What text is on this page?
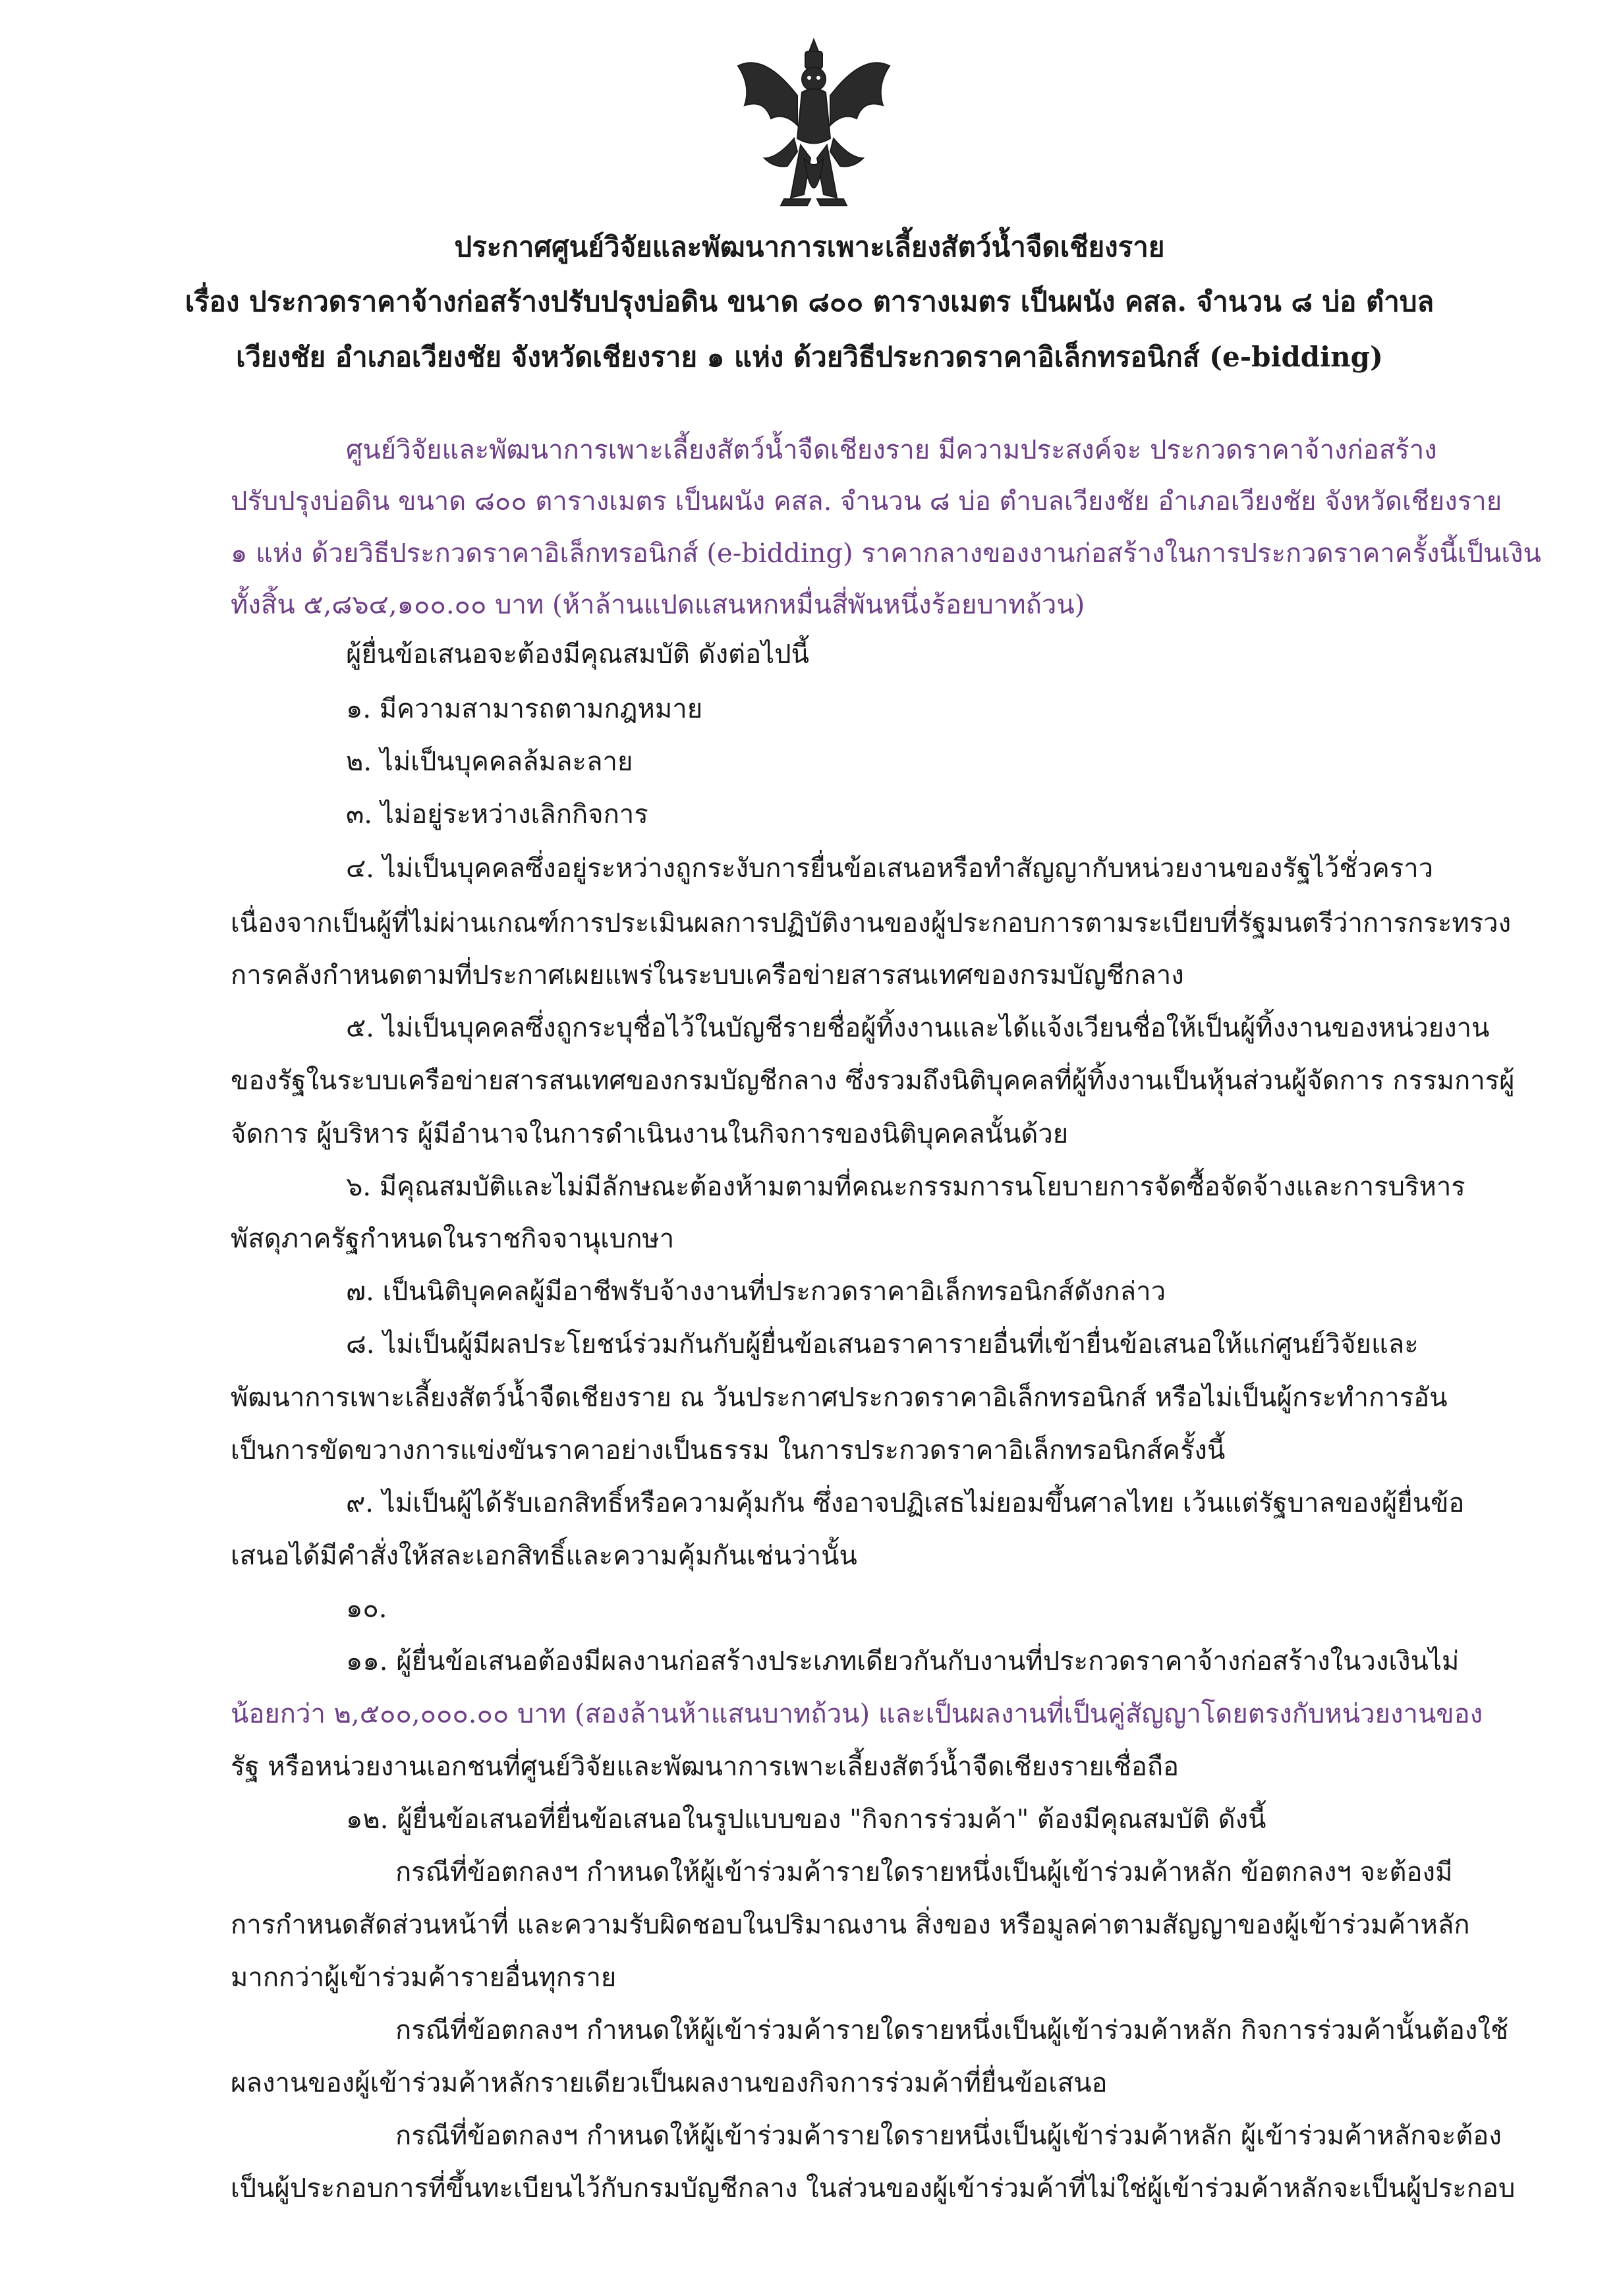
ประกาศศูนย์วิจัยและพัฒนาการเพาะเลี้ยงสัตว์น้ำจืดเชียงราย
เรื่อง ประกวดราคาจ้างก่อสร้างปรับปรุงบ่อดิน ขนาด ๘๐๐ ตารางเมตร เป็นผนัง คสล. จำนวน ๘ บ่อ ตำบล
เวียงชัย อำเภอเวียงชัย จังหวัดเชียงราย ๑ แห่ง ด้วยวิธีประกวดราคาอิเล็กทรอนิกส์ (e-bidding)
ศูนย์วิจัยและพัฒนาการเพาะเลี้ยงสัตว์น้ำจืดเชียงราย มีความประสงค์จะ ประกวดราคาจ้างก่อสร้าง
ปรับปรุงบ่อดิน ขนาด ๘๐๐ ตารางเมตร เป็นผนัง คสล. จำนวน ๘ บ่อ ตำบลเวียงชัย อำเภอเวียงชัย จังหวัดเชียงราย
๑ แห่ง ด้วยวิธีประกวดราคาอิเล็กทรอนิกส์ (e-bidding) ราคากลางของงานก่อสร้างในการประกวดราคาครั้งนี้เป็นเงิน
ทั้งสิ้น ๕,๘๖๔,๑๐๐.๐๐ บาท (ห้าล้านแปดแสนหกหมื่นสี่พันหนึ่งร้อยบาทถ้วน)
ผู้ยื่นข้อเสนอจะต้องมีคุณสมบัติ ดังต่อไปนี้
๑. มีความสามารถตามกฎหมาย
๒. ไม่เป็นบุคคลล้มละลาย
๓. ไม่อยู่ระหว่างเลิกกิจการ
๔. ไม่เป็นบุคคลซึ่งอยู่ระหว่างถูกระงับการยื่นข้อเสนอหรือทำสัญญากับหน่วยงานของรัฐไว้ชั่วคราว
เนื่องจากเป็นผู้ที่ไม่ผ่านเกณฑ์การประเมินผลการปฏิบัติงานของผู้ประกอบการตามระเบียบที่รัฐมนตรีว่าการกระทรวง
การคลังกำหนดตามที่ประกาศเผยแพร่ในระบบเครือข่ายสารสนเทศของกรมบัญชีกลาง
๕. ไม่เป็นบุคคลซึ่งถูกระบุชื่อไว้ในบัญชีรายชื่อผู้ทิ้งงานและได้แจ้งเวียนชื่อให้เป็นผู้ทิ้งงานของหน่วยงาน
ของรัฐในระบบเครือข่ายสารสนเทศของกรมบัญชีกลาง ซึ่งรวมถึงนิติบุคคลที่ผู้ทิ้งงานเป็นหุ้นส่วนผู้จัดการ กรรมการผู้
จัดการ ผู้บริหาร ผู้มีอำนาจในการดำเนินงานในกิจการของนิติบุคคลนั้นด้วย
๖. มีคุณสมบัติและไม่มีลักษณะต้องห้ามตามที่คณะกรรมการนโยบายการจัดซื้อจัดจ้างและการบริหาร
พัสดุภาครัฐกำหนดในราชกิจจานุเบกษา
๗. เป็นนิติบุคคลผู้มีอาชีพรับจ้างงานที่ประกวดราคาอิเล็กทรอนิกส์ดังกล่าว
๘. ไม่เป็นผู้มีผลประโยชน์ร่วมกันกับผู้ยื่นข้อเสนอราคารายอื่นที่เข้ายื่นข้อเสนอให้แก่ศูนย์วิจัยและ
พัฒนาการเพาะเลี้ยงสัตว์น้ำจืดเชียงราย ณ วันประกาศประกวดราคาอิเล็กทรอนิกส์ หรือไม่เป็นผู้กระทำการอัน
เป็นการขัดขวางการแข่งขันราคาอย่างเป็นธรรม ในการประกวดราคาอิเล็กทรอนิกส์ครั้งนี้
๙. ไม่เป็นผู้ได้รับเอกสิทธิ์หรือความคุ้มกัน ซึ่งอาจปฏิเสธไม่ยอมขึ้นศาลไทย เว้นแต่รัฐบาลของผู้ยื่นข้อ
เสนอได้มีคำสั่งให้สละเอกสิทธิ์และความคุ้มกันเช่นว่านั้น
๑๐.
๑๑. ผู้ยื่นข้อเสนอต้องมีผลงานก่อสร้างประเภทเดียวกันกับงานที่ประกวดราคาจ้างก่อสร้างในวงเงินไม่
น้อยกว่า ๒,๕๐๐,๐๐๐.๐๐ บาท (สองล้านห้าแสนบาทถ้วน) และเป็นผลงานที่เป็นคู่สัญญาโดยตรงกับหน่วยงานของ
รัฐ หรือหน่วยงานเอกชนที่ศูนย์วิจัยและพัฒนาการเพาะเลี้ยงสัตว์น้ำจืดเชียงรายเชื่อถือ
๑๒. ผู้ยื่นข้อเสนอที่ยื่นข้อเสนอในรูปแบบของ "กิจการร่วมค้า" ต้องมีคุณสมบัติ ดังนี้
กรณีที่ข้อตกลงฯ กำหนดให้ผู้เข้าร่วมค้ารายใดรายหนึ่งเป็นผู้เข้าร่วมค้าหลัก ข้อตกลงฯ จะต้องมี
การกำหนดสัดส่วนหน้าที่ และความรับผิดชอบในปริมาณงาน สิ่งของ หรือมูลค่าตามสัญญาของผู้เข้าร่วมค้าหลัก
มากกว่าผู้เข้าร่วมค้ารายอื่นทุกราย
กรณีที่ข้อตกลงฯ กำหนดให้ผู้เข้าร่วมค้ารายใดรายหนึ่งเป็นผู้เข้าร่วมค้าหลัก กิจการร่วมค้านั้นต้องใช้
ผลงานของผู้เข้าร่วมค้าหลักรายเดียวเป็นผลงานของกิจการร่วมค้าที่ยื่นข้อเสนอ
กรณีที่ข้อตกลงฯ กำหนดให้ผู้เข้าร่วมค้ารายใดรายหนึ่งเป็นผู้เข้าร่วมค้าหลัก ผู้เข้าร่วมค้าหลักจะต้อง
เป็นผู้ประกอบการที่ขึ้นทะเบียนไว้กับกรมบัญชีกลาง ในส่วนของผู้เข้าร่วมค้าที่ไม่ใช่ผู้เข้าร่วมค้าหลักจะเป็นผู้ประกอบ
